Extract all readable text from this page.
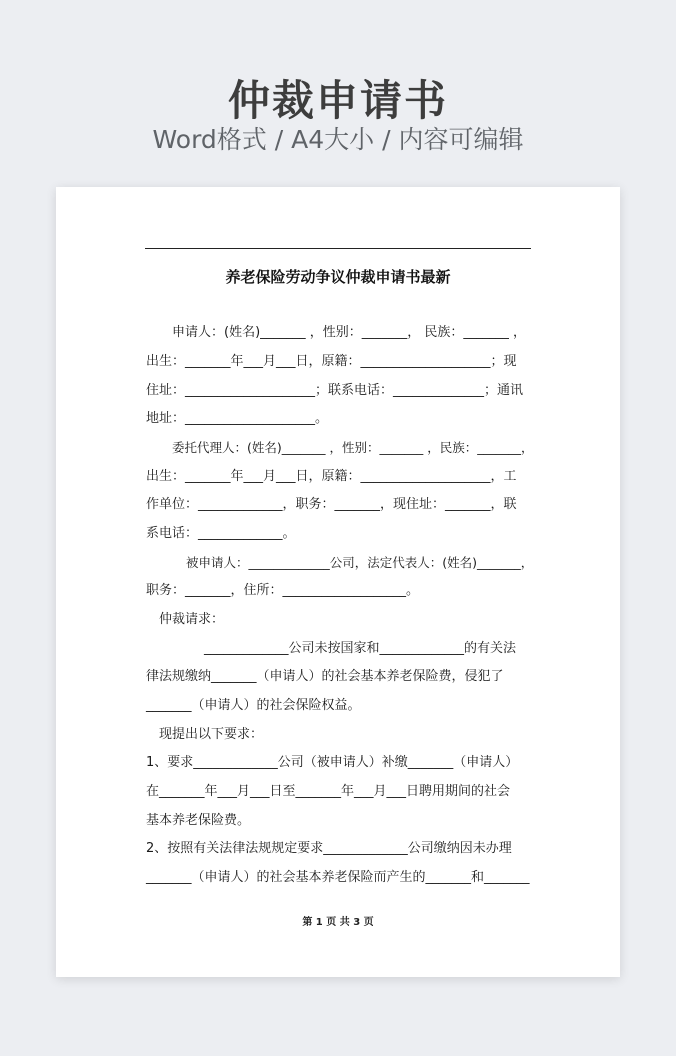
仲裁申请书
Word格式 / A4大小 / 内容可编辑
养老保险劳动争议仲裁申请书最新
申请人：(姓名)_______ ，性别：_______， 民族：_______ ，
出生：_______年___月___日，原籍：____________________；现
住址：____________________；联系电话：______________；通讯
地址：____________________。
委托代理人：(姓名)_______ ，性别：_______ ，民族：_______，
出生：_______年___月___日，原籍：____________________，工
作单位：_____________，职务：_______，现住址：_______，联
系电话：_____________。
被申请人：_____________公司，法定代表人：(姓名)_______，
职务：_______，住所：___________________。
仲裁请求：
_____________公司未按国家和_____________的有关法
律法规缴纳_______（申请人）的社会基本养老保险费，侵犯了
_______（申请人）的社会保险权益。
现提出以下要求：
1、要求_____________公司（被申请人）补缴_______（申请人）
在_______年___月___日至_______年___月___日聘用期间的社会
基本养老保险费。
2、按照有关法律法规规定要求_____________公司缴纳因未办理
_______（申请人）的社会基本养老保险而产生的_______和_______
第 1 页 共 3 页
